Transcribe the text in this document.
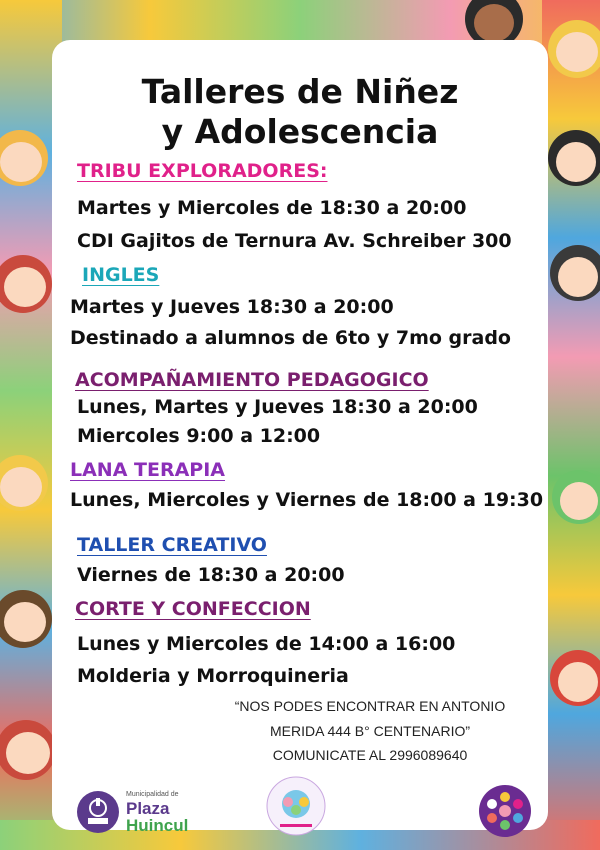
Talleres de Niñez
y Adolescencia
TRIBU EXPLORADORES:
Martes y Miercoles de 18:30 a 20:00
CDI Gajitos de Ternura Av. Schreiber 300
INGLES
Martes y Jueves 18:30 a 20:00
Destinado a alumnos de 6to y 7mo grado
ACOMPAÑAMIENTO PEDAGOGICO
Lunes, Martes y Jueves 18:30 a 20:00
Miercoles 9:00 a 12:00
LANA TERAPIA
Lunes, Miercoles y Viernes de 18:00 a 19:30
TALLER CREATIVO
Viernes de 18:30 a 20:00
CORTE Y CONFECCION
Lunes y Miercoles de 14:00 a 16:00
Molderia y Morroquineria
“NOS PODES ENCONTRAR EN ANTONIO
MERIDA 444 B° CENTENARIO”
COMUNICATE AL 2996089640
Municipalidad de
Plaza
Huincul
